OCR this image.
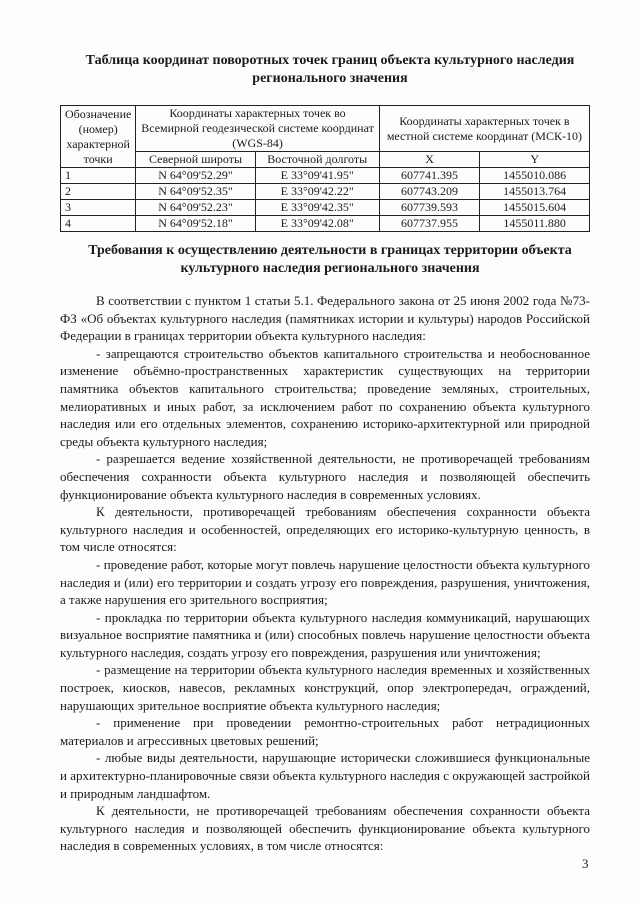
Таблица координат поворотных точек границ объекта культурного наследия
регионального значения
Обозначение (номер) характерной точки	Координаты характерных точек во Всемирной геодезической системе координат (WGS-84)		Координаты характерных точек в местной системе координат (МСК-10)	
	Северной широты	Восточной долготы	X	Y
1	N 64°09'52.29"	E 33°09'41.95"	607741.395	1455010.086
2	N 64°09'52.35"	E 33°09'42.22"	607743.209	1455013.764
3	N 64°09'52.23"	E 33°09'42.35"	607739.593	1455015.604
4	N 64°09'52.18"	E 33°09'42.08"	607737.955	1455011.880
Требования к осуществлению деятельности в границах территории объекта
культурного наследия регионального значения

В соответствии с пунктом 1 статьи 5.1. Федерального закона от 25 июня 2002 года №73-ФЗ «Об объектах культурного наследия (памятниках истории и культуры) народов Российской Федерации в границах территории объекта культурного наследия:

- запрещаются строительство объектов капитального строительства и необоснованное изменение объёмно-пространственных характеристик существующих на территории памятника объектов капитального строительства; проведение земляных, строительных, мелиоративных и иных работ, за исключением работ по сохранению объекта культурного наследия или его отдельных элементов, сохранению историко-архитектурной или природной среды объекта культурного наследия;

- разрешается ведение хозяйственной деятельности, не противоречащей требованиям обеспечения сохранности объекта культурного наследия и позволяющей обеспечить функционирование объекта культурного наследия в современных условиях.

К деятельности, противоречащей требованиям обеспечения сохранности объекта культурного наследия и особенностей, определяющих его историко-культурную ценность, в том числе относятся:

- проведение работ, которые могут повлечь нарушение целостности объекта культурного наследия и (или) его территории и создать угрозу его повреждения, разрушения, уничтожения, а также нарушения его зрительного восприятия;

- прокладка по территории объекта культурного наследия коммуникаций, нарушающих визуальное восприятие памятника и (или) способных повлечь нарушение целостности объекта культурного наследия, создать угрозу его повреждения, разрушения или уничтожения;

- размещение на территории объекта культурного наследия временных и хозяйственных построек, киосков, навесов, рекламных конструкций, опор электропередач, ограждений, нарушающих зрительное восприятие объекта культурного наследия;

- применение при проведении ремонтно-строительных работ нетрадиционных материалов и агрессивных цветовых решений;

- любые виды деятельности, нарушающие исторически сложившиеся функциональные и архитектурно-планировочные связи объекта культурного наследия с окружающей застройкой и природным ландшафтом.

К деятельности, не противоречащей требованиям обеспечения сохранности объекта культурного наследия и позволяющей обеспечить функционирование объекта культурного наследия в современных условиях, в том числе относятся:

3
